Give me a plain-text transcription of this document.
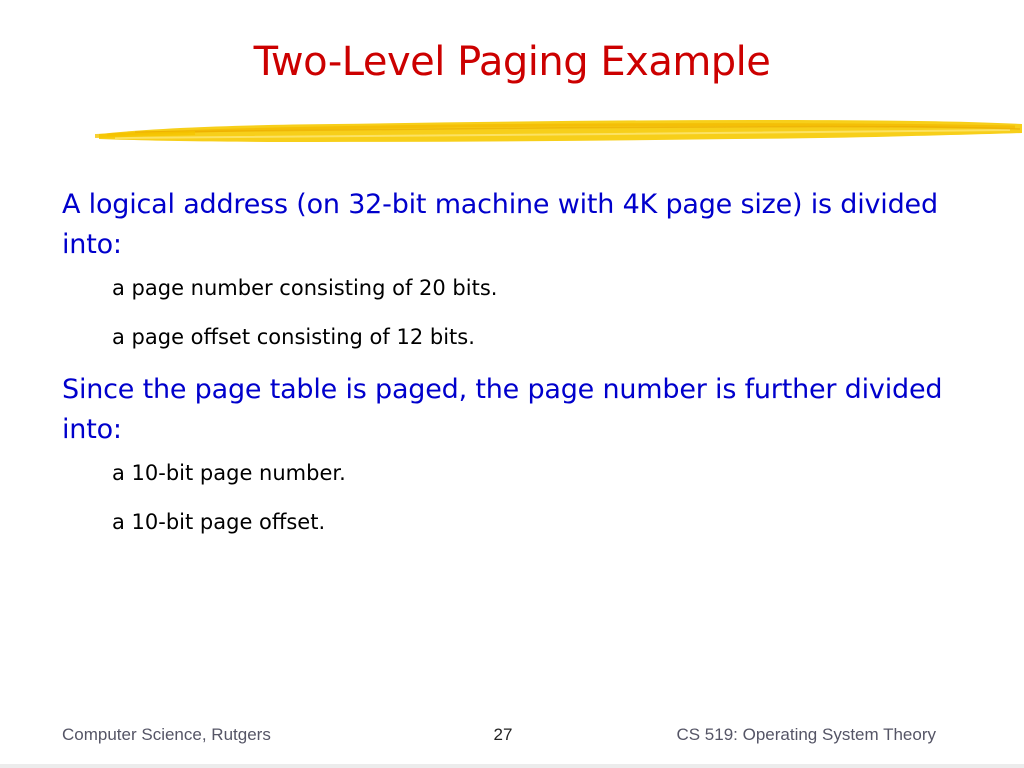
Two-Level Paging Example

A logical address (on 32-bit machine with 4K page size) is divided into:

a page number consisting of 20 bits.

a page offset consisting of 12 bits.

Since the page table is paged, the page number is further divided into:

a 10-bit page number.

a 10-bit page offset.

Computer Science, Rutgers	27	CS 519: Operating System Theory
